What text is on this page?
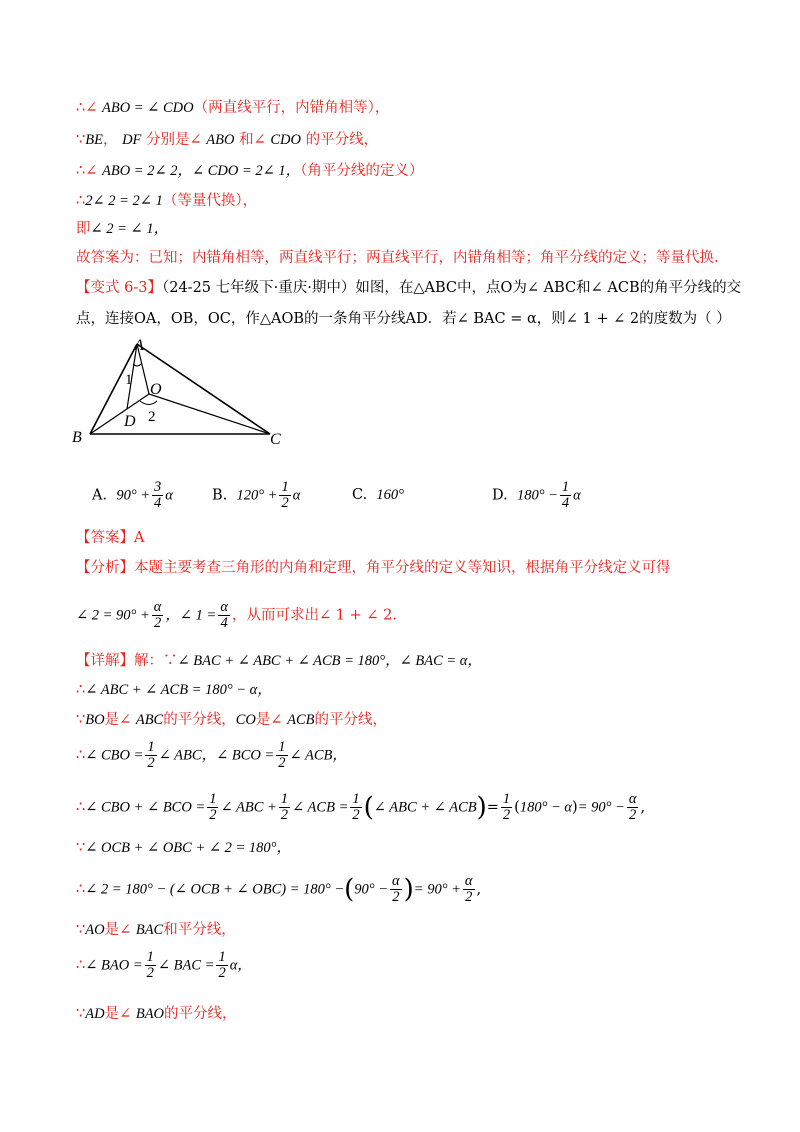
∴∠ ABO = ∠ CDO（两直线平行，内错角相等），
∵BE， DF 分别是∠ ABO 和∠ CDO 的平分线，
∴∠ ABO = 2∠ 2，∠ CDO = 2∠ 1，（角平分线的定义）
∴2∠ 2 = 2∠ 1（等量代换），
即∠ 2 = ∠ 1，
故答案为：已知；内错角相等，两直线平行；两直线平行，内错角相等；角平分线的定义；等量代换.
【变式 6-3】（24-25 七年级下·重庆·期中）如图，在△ABC中，点O为∠ ABC和∠ ACB的角平分线的交
点，连接OA，OB，OC，作△AOB的一条角平分线AD．若∠ BAC = α，则∠ 1 + ∠ 2的度数为（ ）
A
B	C
D
O
1
2
A. $90^\circ + \frac{3}{4}$ α	B. $120^\circ + \frac{1}{2}$ α	C. 160°	D. $180^\circ - \frac{1}{4}$ α
【答案】A
【分析】本题主要考查三角形的内角和定理，角平分线的定义等知识，根据角平分线定义可得
∠ $2 = 90^\circ + \frac{\alpha}{2}$ ，∠ $1 = \frac{\alpha}{4}$ ，从而可求出∠ 1 + ∠ 2.
【详解】解：∵∠ BAC + ∠ ABC + ∠ ACB = 180°，∠ BAC = α，
∴∠ ABC + ∠ ACB = 180° − α，
∵BO是∠ ABC的平分线，CO是∠ ACB的平分线，
∴∠ CBO = $\frac{1}{2}$ ∠ ABC，∠ BCO = $\frac{1}{2}$ ∠ ACB，
∴∠ CBO + ∠ BCO = $\frac{1}{2}$ ∠ ABC + $\frac{1}{2}$ ∠ ACB = $\frac{1}{2}$ (∠ ABC + ∠ $ACB)= \frac{1}{2} (180^\circ - \alpha)= 90^\circ - \frac{\alpha}{2}$ ,
∵∠ OCB + ∠ OBC + ∠ 2 = 180°，
∴∠ 2 = 180° − (∠ OCB + ∠ $OBC) = 180^\circ -(90^\circ - \frac{\alpha}{2}$ )= $90^\circ + \frac{\alpha}{2}$ ,
∵AO是∠ BAC和平分线，
∴∠ BAO = $\frac{1}{2}$ ∠ BAC = $\frac{1}{2}$ α，
∵AD是∠ BAO的平分线，
